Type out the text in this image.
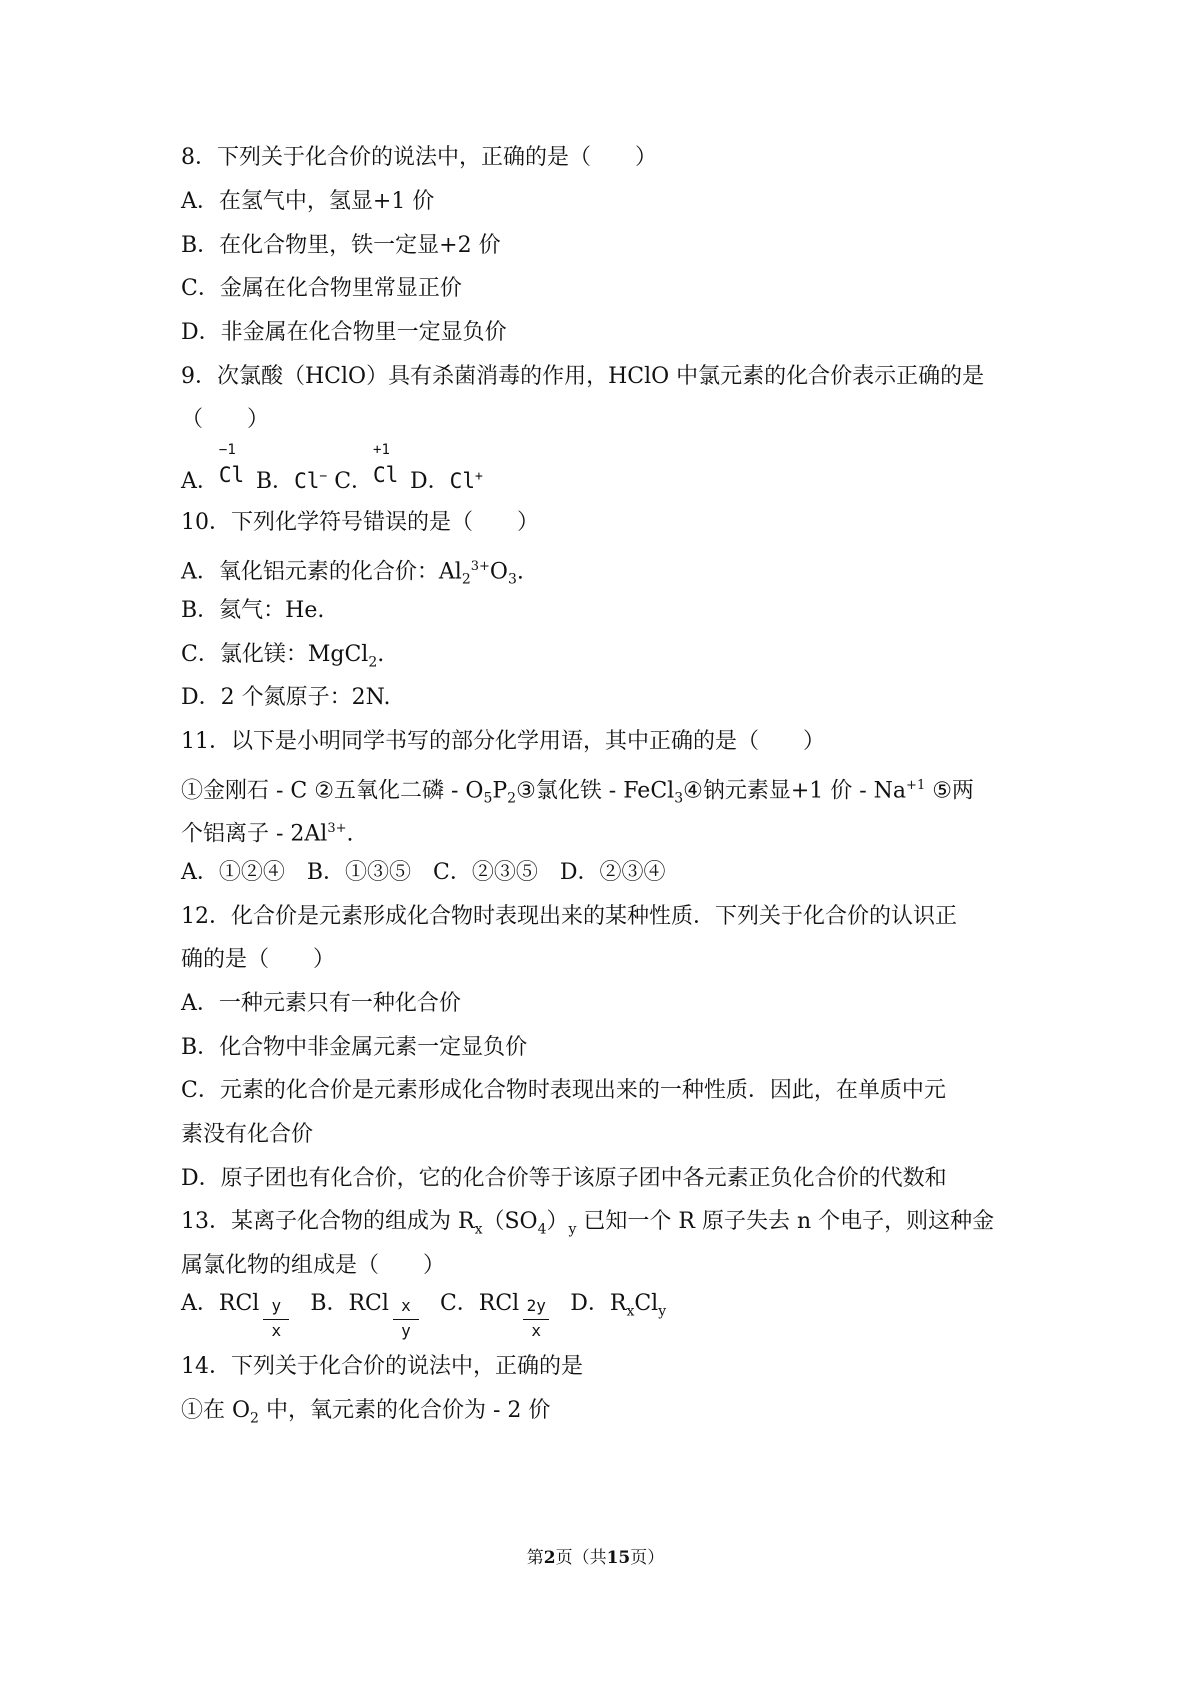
8．下列关于化合价的说法中，正确的是（　　）
A．在氢气中，氢显+1 价
B．在化合物里，铁一定显+2 价
C．金属在化合物里常显正价
D．非金属在化合物里一定显负价
9．次氯酸（HClO）具有杀菌消毒的作用，HClO 中氯元素的化合价表示正确的是
（　　）
A．
−1
Cl B．Cl− C．
+1
Cl D．Cl+
10．下列化学符号错误的是（　　）
A．氧化铝元素的化合价：$Al_2^{3+}O_3$.
B．氦气：He.
C．氯化镁：MgCl$_2$.
D．2 个氮原子：2N.
11．以下是小明同学书写的部分化学用语，其中正确的是（　　）
①金刚石 - C ②五氧化二磷 - $O_5P_2③$氯化铁 - FeCl$_3$④钠元素显+1 价 - $Na^{+1}$ ⑤两
个铝离子 - $2Al^{3+}$.
A．①②④　B．①③⑤　C．②③⑤　D．②③④
12．化合价是元素形成化合物时表现出来的某种性质．下列关于化合价的认识正
确的是（　　）
A．一种元素只有一种化合价
B．化合物中非金属元素一定显负价
C．元素的化合价是元素形成化合物时表现出来的一种性质．因此，在单质中元
素没有化合价
D．原子团也有化合价，它的化合价等于该原子团中各元素正负化合价的代数和
13．某离子化合物的组成为 $R_x(SO_4)_y$ 已知一个 R 原子失去 n 个电子，则这种金
属氯化物的组成是（　　）
A．RCl $\frac{y}{x}$ B．RCl $\frac{x}{y}$ C．RCl $\frac{2y}{x}$ D．$R_xCl_y$
14．下列关于化合价的说法中，正确的是
①在 $O_2$ 中，氧元素的化合价为 - 2 价
第2页（共15页）
